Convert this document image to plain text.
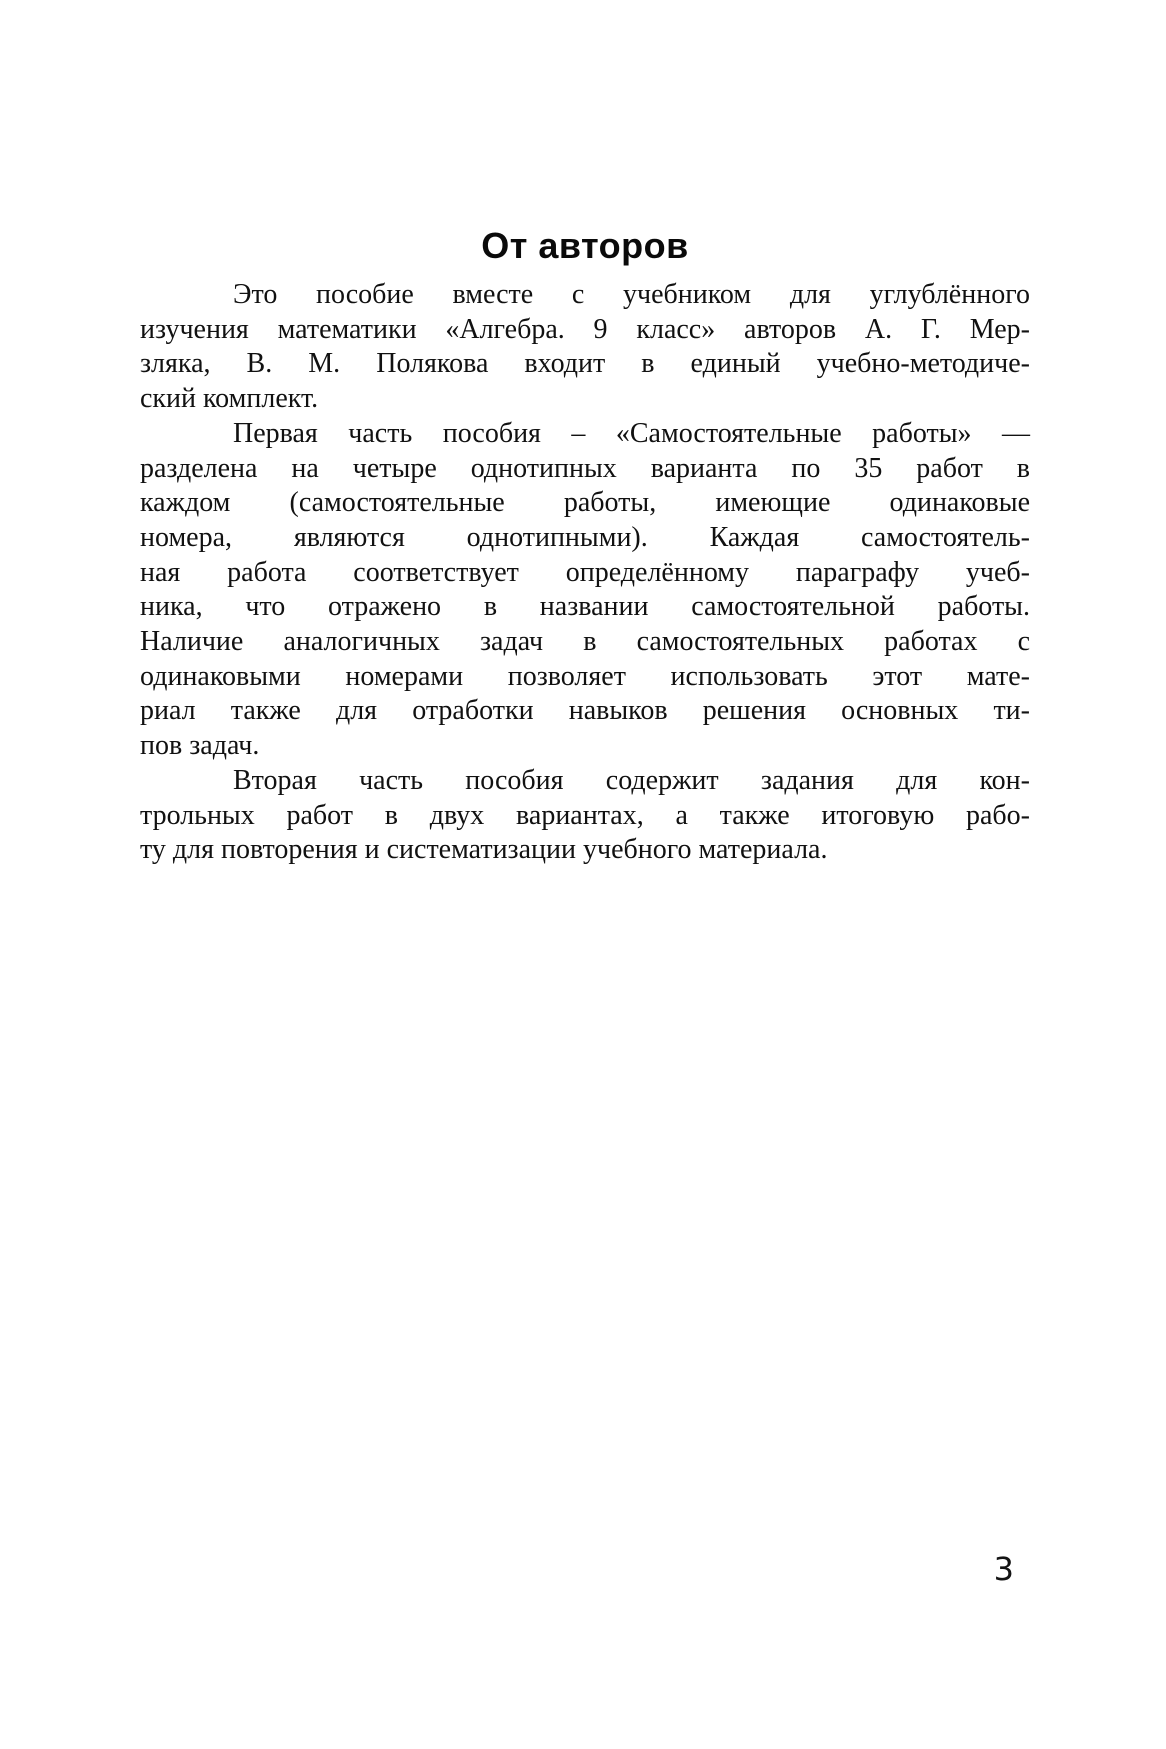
От авторов

Это пособие вместе с учебником для углублённого
изучения математики «Алгебра. 9 класс» авторов А. Г. Мер-
зляка, В. М. Полякова входит в единый учебно-методиче-
ский комплект.

Первая часть пособия – «Самостоятельные работы» —
разделена на четыре однотипных варианта по 35 работ в
каждом (самостоятельные работы, имеющие одинаковые
номера, являются однотипными). Каждая самостоятель-
ная работа соответствует определённому параграфу учеб-
ника, что отражено в названии самостоятельной работы.
Наличие аналогичных задач в самостоятельных работах с
одинаковыми номерами позволяет использовать этот мате-
риал также для отработки навыков решения основных ти-
пов задач.

Вторая часть пособия содержит задания для кон-
трольных работ в двух вариантах, а также итоговую рабо-
ту для повторения и систематизации учебного материала.

3
